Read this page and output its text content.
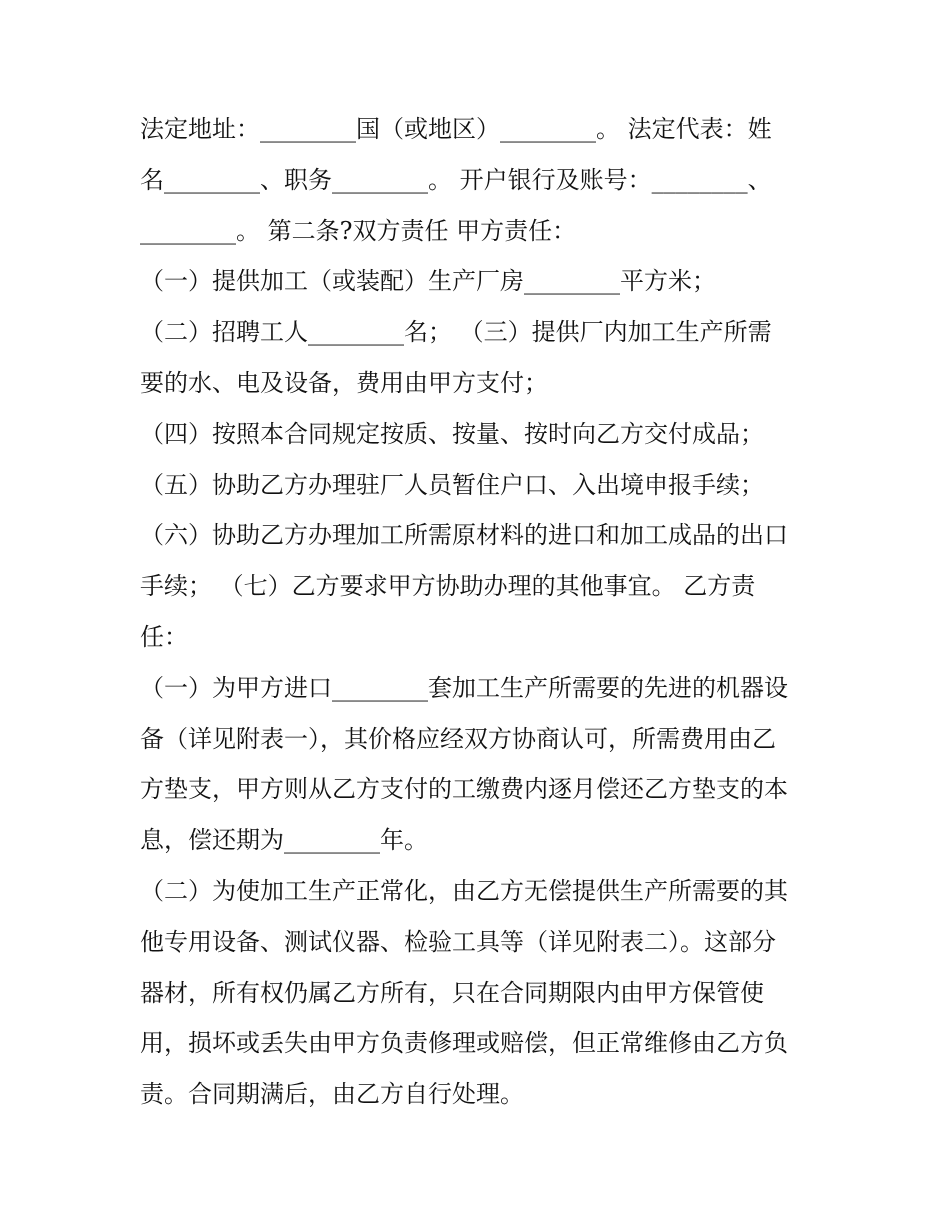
法定地址：________国（或地区）________。 法定代表：姓
名________、职务________。 开户银行及账号：________、
________。 第二条?双方责任 甲方责任：
（一）提供加工（或装配）生产厂房________平方米；
（二）招聘工人________名； （三）提供厂内加工生产所需
要的水、电及设备，费用由甲方支付；
（四）按照本合同规定按质、按量、按时向乙方交付成品；
（五）协助乙方办理驻厂人员暂住户口、入出境申报手续；
（六）协助乙方办理加工所需原材料的进口和加工成品的出口
手续； （七）乙方要求甲方协助办理的其他事宜。 乙方责
任：
（一）为甲方进口________套加工生产所需要的先进的机器设
备（详见附表一），其价格应经双方协商认可，所需费用由乙
方垫支，甲方则从乙方支付的工缴费内逐月偿还乙方垫支的本
息，偿还期为________年。
（二）为使加工生产正常化，由乙方无偿提供生产所需要的其
他专用设备、测试仪器、检验工具等（详见附表二）。这部分
器材，所有权仍属乙方所有，只在合同期限内由甲方保管使
用，损坏或丢失由甲方负责修理或赔偿，但正常维修由乙方负
责。合同期满后，由乙方自行处理。
